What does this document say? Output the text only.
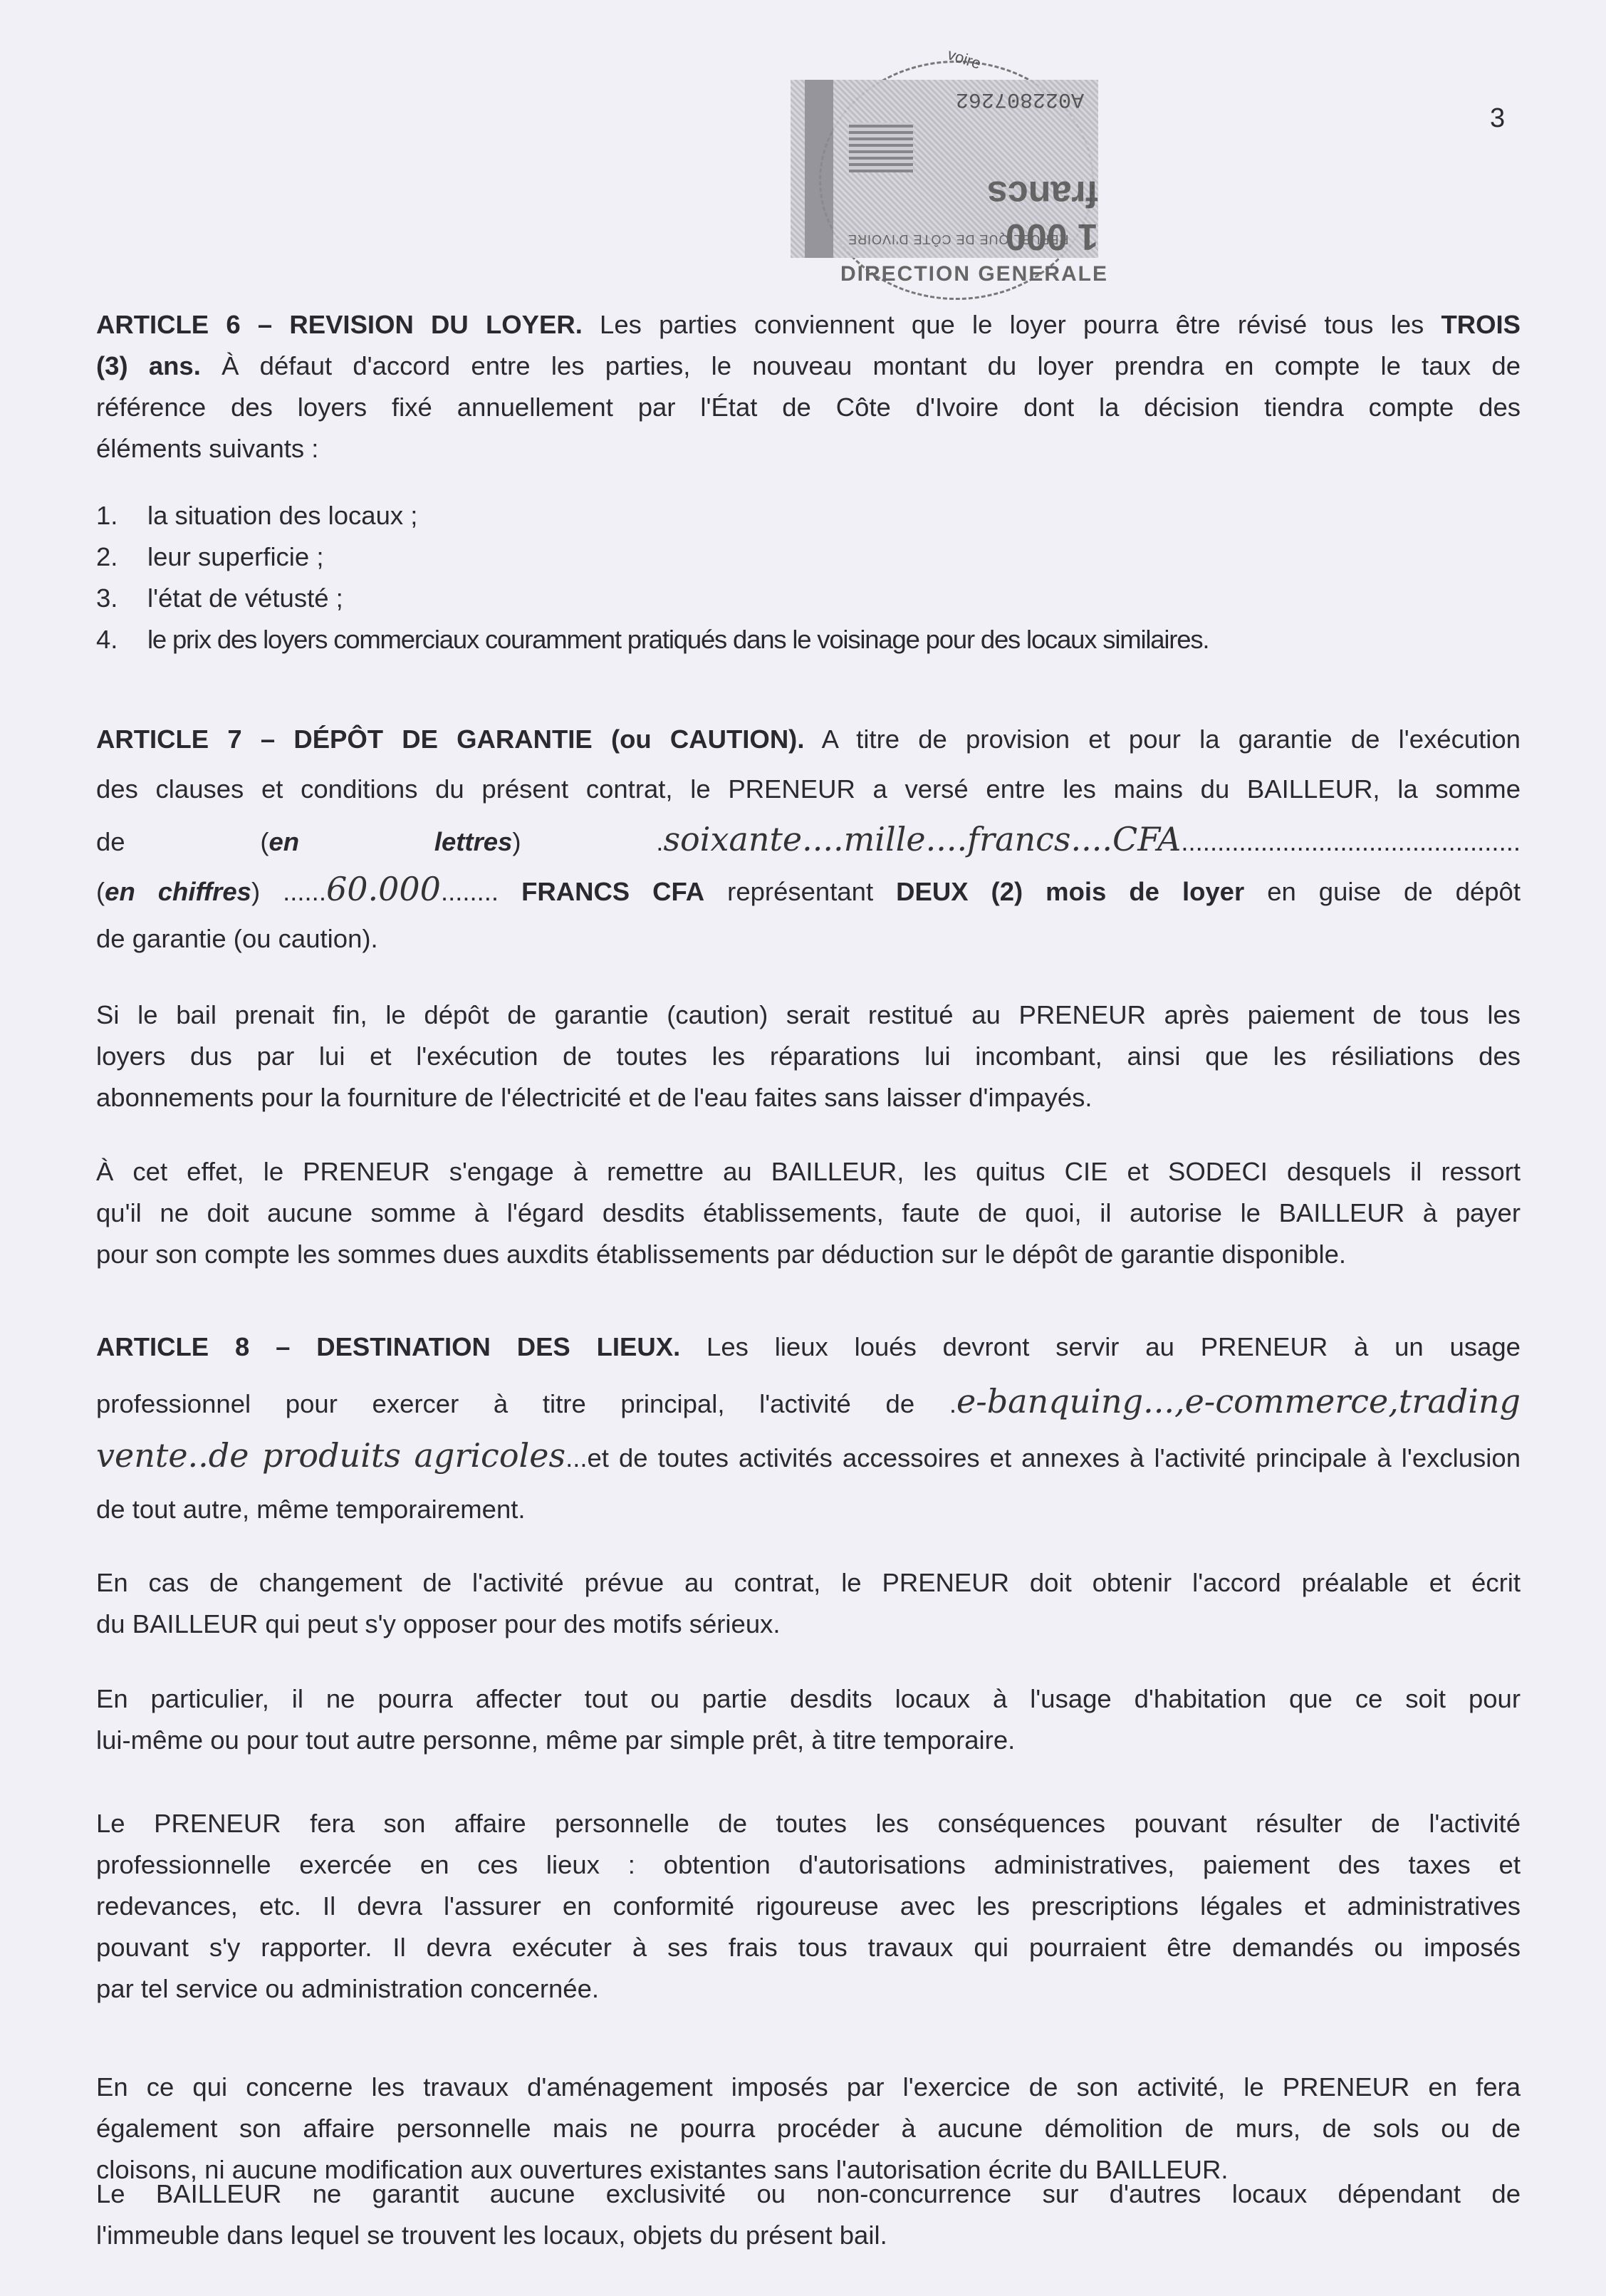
voire
A022807262
1 000 francs
REPUBLIQUE DE CÔTE D'IVOIRE
DIRECTION GENERALE
3
ARTICLE 6 – REVISION DU LOYER. Les parties conviennent que le loyer pourra être révisé tous les TROIS
(3) ans. À défaut d'accord entre les parties, le nouveau montant du loyer prendra en compte le taux de
référence des loyers fixé annuellement par l'État de Côte d'Ivoire dont la décision tiendra compte des
éléments suivants :
1.	la situation des locaux ;
2.	leur superficie ;
3.	l'état de vétusté ;
4.	le prix des loyers commerciaux couramment pratiqués dans le voisinage pour des locaux similaires.
ARTICLE 7 – DÉPÔT DE GARANTIE (ou CAUTION). A titre de provision et pour la garantie de l'exécution
des clauses et conditions du présent contrat, le PRENEUR a versé entre les mains du BAILLEUR, la somme
de (en lettres) .soixante....mille....francs....CFA...............................................
(en chiffres) ......60.000........ FRANCS CFA représentant DEUX (2) mois de loyer en guise de dépôt
de garantie (ou caution).
Si le bail prenait fin, le dépôt de garantie (caution) serait restitué au PRENEUR après paiement de tous les
loyers dus par lui et l'exécution de toutes les réparations lui incombant, ainsi que les résiliations des
abonnements pour la fourniture de l'électricité et de l'eau faites sans laisser d'impayés.
À cet effet, le PRENEUR s'engage à remettre au BAILLEUR, les quitus CIE et SODECI desquels il ressort
qu'il ne doit aucune somme à l'égard desdits établissements, faute de quoi, il autorise le BAILLEUR à payer
pour son compte les sommes dues auxdits établissements par déduction sur le dépôt de garantie disponible.
ARTICLE 8 – DESTINATION DES LIEUX. Les lieux loués devront servir au PRENEUR à un usage
professionnel pour exercer à titre principal, l'activité de .e-banquing...,e-commerce,trading
vente..de produits agricoles...et de toutes activités accessoires et annexes à l'activité principale à l'exclusion
de tout autre, même temporairement.
En cas de changement de l'activité prévue au contrat, le PRENEUR doit obtenir l'accord préalable et écrit
du BAILLEUR qui peut s'y opposer pour des motifs sérieux.
En particulier, il ne pourra affecter tout ou partie desdits locaux à l'usage d'habitation que ce soit pour
lui-même ou pour tout autre personne, même par simple prêt, à titre temporaire.
Le PRENEUR fera son affaire personnelle de toutes les conséquences pouvant résulter de l'activité
professionnelle exercée en ces lieux : obtention d'autorisations administratives, paiement des taxes et
redevances, etc. Il devra l'assurer en conformité rigoureuse avec les prescriptions légales et administratives
pouvant s'y rapporter. Il devra exécuter à ses frais tous travaux qui pourraient être demandés ou imposés
par tel service ou administration concernée.
En ce qui concerne les travaux d'aménagement imposés par l'exercice de son activité, le PRENEUR en fera
également son affaire personnelle mais ne pourra procéder à aucune démolition de murs, de sols ou de
cloisons, ni aucune modification aux ouvertures existantes sans l'autorisation écrite du BAILLEUR.
Le BAILLEUR ne garantit aucune exclusivité ou non-concurrence sur d'autres locaux dépendant de
l'immeuble dans lequel se trouvent les locaux, objets du présent bail.
